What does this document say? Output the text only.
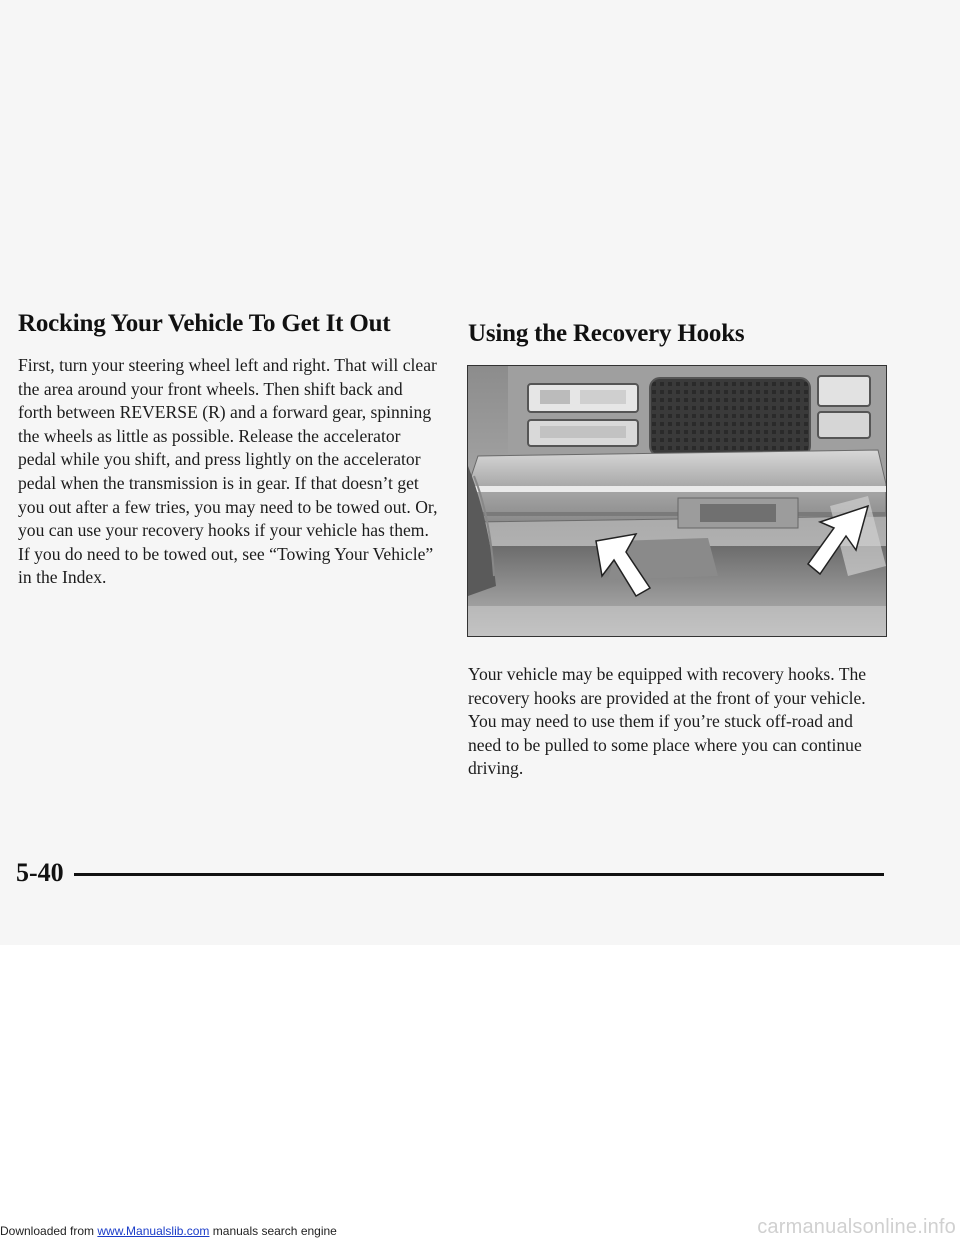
Rocking Your Vehicle To Get It Out

First, turn your steering wheel left and right. That will clear the area around your front wheels. Then shift back and forth between REVERSE (R) and a forward gear, spinning the wheels as little as possible. Release the accelerator pedal while you shift, and press lightly on the accelerator pedal when the transmission is in gear. If that doesn’t get you out after a few tries, you may need to be towed out. Or, you can use your recovery hooks if your vehicle has them. If you do need to be towed out, see “Towing Your Vehicle” in the Index.

Using the Recovery Hooks

Your vehicle may be equipped with recovery hooks. The recovery hooks are provided at the front of your vehicle. You may need to use them if you’re stuck off-road and need to be pulled to some place where you can continue driving.

5-40
Downloaded from www.Manualslib.com manuals search engine	carmanualsonline.info
